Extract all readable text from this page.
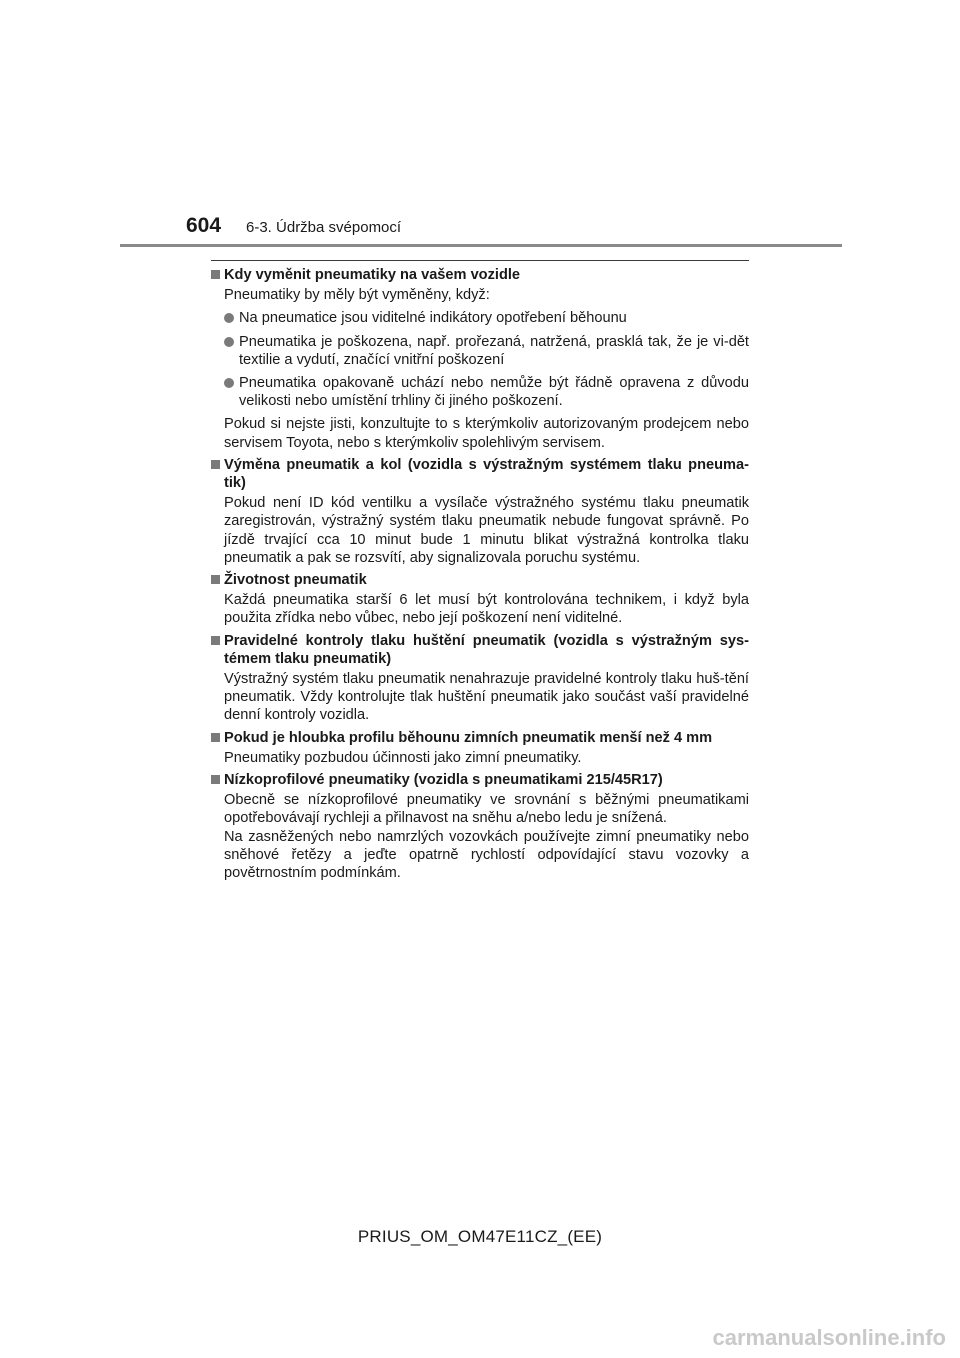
604 6-3. Údržba svépomocí
Kdy vyměnit pneumatiky na vašem vozidle
Pneumatiky by měly být vyměněny, když:
Na pneumatice jsou viditelné indikátory opotřebení běhounu
Pneumatika je poškozena, např. prořezaná, natržená, prasklá tak, že je vi-dět textilie a vydutí, značící vnitřní poškození
Pneumatika opakovaně uchází nebo nemůže být řádně opravena z důvodu velikosti nebo umístění trhliny či jiného poškození.
Pokud si nejste jisti, konzultujte to s kterýmkoliv autorizovaným prodejcem nebo servisem Toyota, nebo s kterýmkoliv spolehlivým servisem.
Výměna pneumatik a kol (vozidla s výstražným systémem tlaku pneuma-tik)
Pokud není ID kód ventilku a vysílače výstražného systému tlaku pneumatik zaregistrován, výstražný systém tlaku pneumatik nebude fungovat správně. Po jízdě trvající cca 10 minut bude 1 minutu blikat výstražná kontrolka tlaku pneumatik a pak se rozsvítí, aby signalizovala poruchu systému.
Životnost pneumatik
Každá pneumatika starší 6 let musí být kontrolována technikem, i když byla použita zřídka nebo vůbec, nebo její poškození není viditelné.
Pravidelné kontroly tlaku huštění pneumatik (vozidla s výstražným sys-témem tlaku pneumatik)
Výstražný systém tlaku pneumatik nenahrazuje pravidelné kontroly tlaku huš-tění pneumatik. Vždy kontrolujte tlak huštění pneumatik jako součást vaší pravidelné denní kontroly vozidla.
Pokud je hloubka profilu běhounu zimních pneumatik menší než 4 mm
Pneumatiky pozbudou účinnosti jako zimní pneumatiky.
Nízkoprofilové pneumatiky (vozidla s pneumatikami 215/45R17)
Obecně se nízkoprofilové pneumatiky ve srovnání s běžnými pneumatikami opotřebovávají rychleji a přilnavost na sněhu a/nebo ledu je snížená.
Na zasněžených nebo namrzlých vozovkách používejte zimní pneumatiky nebo sněhové řetězy a jeďte opatrně rychlostí odpovídající stavu vozovky a povětrnostním podmínkám.
PRIUS_OM_OM47E11CZ_(EE)
carmanualsonline.info
